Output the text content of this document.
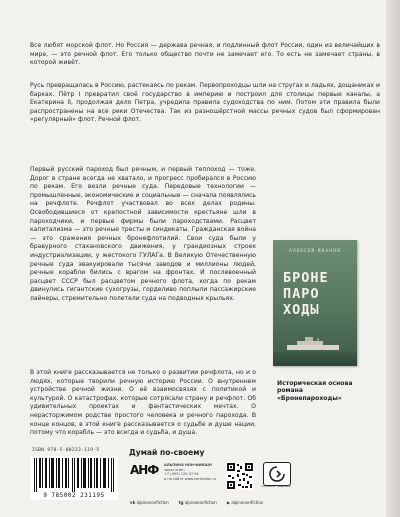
Все любят морской флот. Но Россия — держава речная, и подлинный флот России, один из величайших в мире, — это речной флот. Его только общество почти не замечает его. То есть не замечает страны, в которой живёт.

Русь превращалась в Россию, растекаясь по рекам. Первопроходцы шли на стругах и ладьях, дощаниках и барках. Пётр I превратил своё государство в империю и построил для столицы первые каналы, а Екатерина II, продолжая дело Петра, учредила правила судоходства по ним. Потом эти правила были распространены на все реки Отечества. Так из разношёрстной массы речных судов был сформирован «регулярный» флот. Речной флот.

Первый русский пароход был речным, и первый теплоход — тоже. Дорог в стране всегда не хватало, и прогресс пробирался в Россию по рекам. Его везли речные суда. Передовые технологии — промышленные, экономические и социальные — сначала появлялись на речфлоте. Речфлот участвовал во всех делах родины. Освободившиеся от крепостной зависимости крестьяне шли в пароходчики, и первые фирмы были пароходствами. Расцвет капитализма — это речные тресты и синдикаты. Гражданская война — это сражения речных бронефлотилий. Свои суда были у бравурного стахановского движения, у грандиозных строек индустриализации, у жестокого ГУЛАГа. В Великую Отечественную речные суда эвакуировали тысячи заводов и миллионы людей, речные корабли бились с врагом на фронтах. И послевоенный расцвет СССР был расцветом речного флота, когда по рекам двинулись гигантские сухогрузы, горделиво поплыли пассажирские лайнеры, стремительно полетели суда на подводных крыльях.

В этой книге рассказывается не только о развитии речфлота, но и о людях, которые творили речную историю России. О внутреннем устройстве речной жизни. О её взаимосвязях с политикой и культурой. О катастрофах, которые сотрясали страну и речфлот. Об удивительных проектах и фантастических мечтах. О нерасторжимом родстве простого человека и речного парохода. В конце концов, в этой книге рассказывается о судьбе и душе нации, потому что корабль — это всегда и судьба, и душа.

АЛЕКСЕЙ ИВАНОВ
БРОНЕ
ПАРО
ХОДЫ
Историческая основа романа «Бронепароходы»
ISBN 978-5-00223-119-5
9 785002 231195
Думай по-своему
АНФ АЛЬПИНА НОН-ФИКШН
заказ книг:
+7 (495) 120 07 04
и на сайте www.nonfiction.ru
Сохраняя традиции
vk alpinanonfiction	tg alpinanonfiction	▶ alpinanonfiction
